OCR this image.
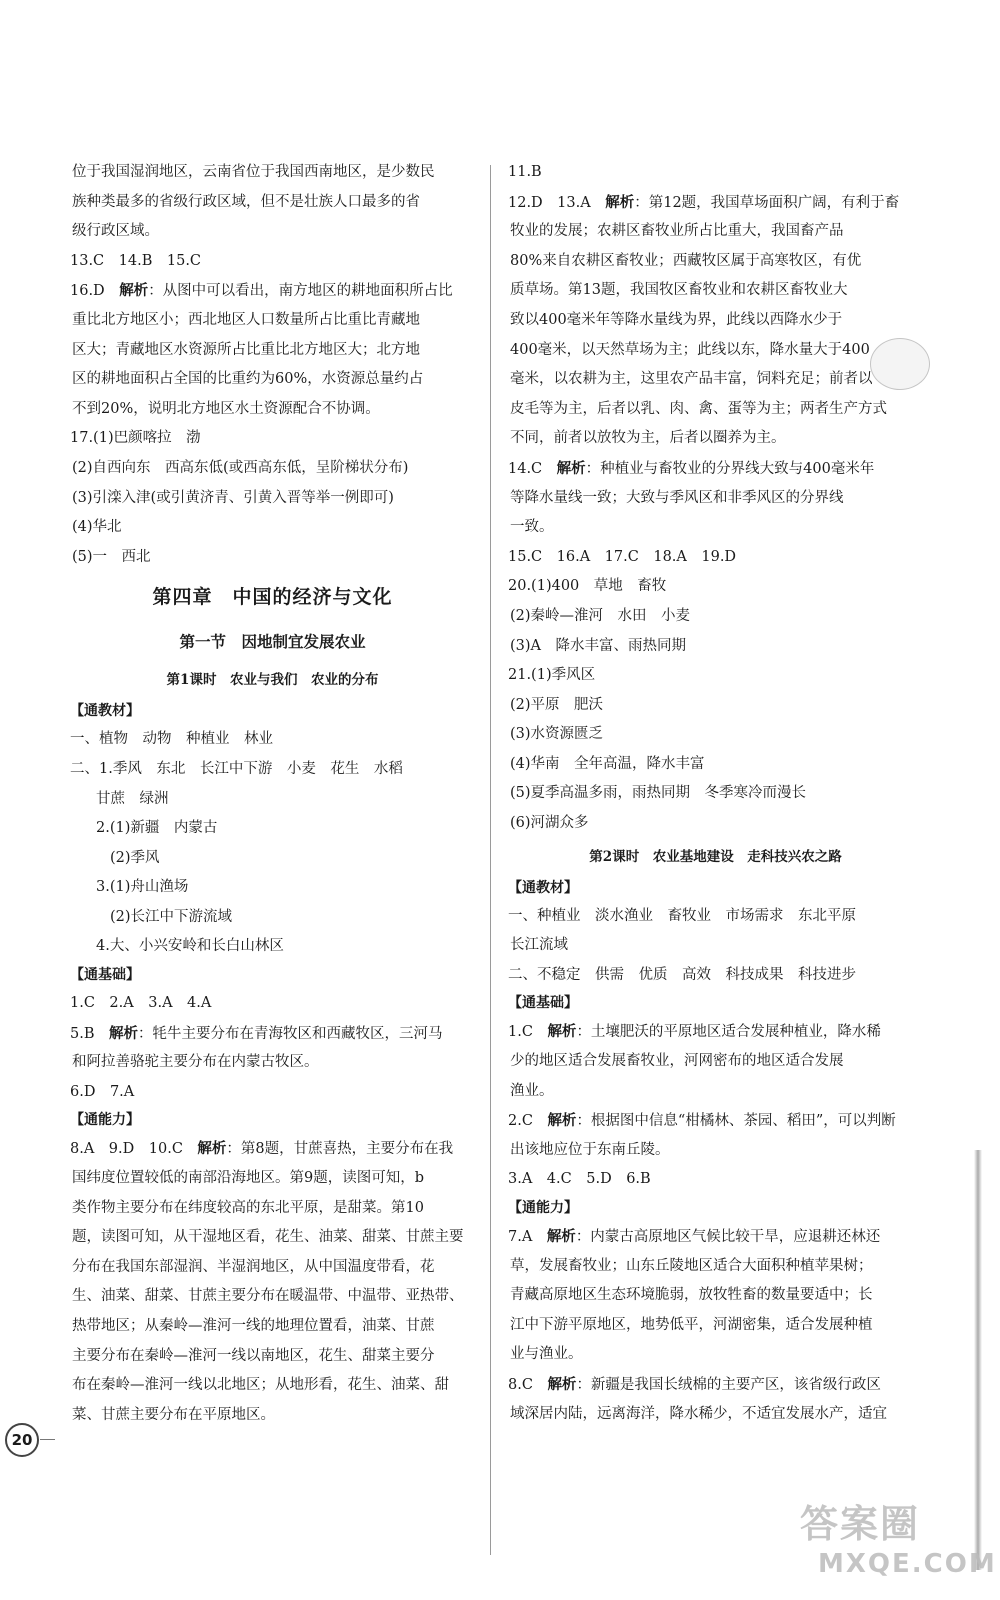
位于我国湿润地区，云南省位于我国西南地区，是少数民
族种类最多的省级行政区域，但不是壮族人口最多的省
级行政区域。
13.C　14.B　15.C
16.D　解析：从图中可以看出，南方地区的耕地面积所占比
重比北方地区小；西北地区人口数量所占比重比青藏地
区大；青藏地区水资源所占比重比北方地区大；北方地
区的耕地面积占全国的比重约为60%，水资源总量约占
不到20%，说明北方地区水土资源配合不协调。
17.(1)巴颜喀拉　渤
(2)自西向东　西高东低(或西高东低，呈阶梯状分布)
(3)引滦入津(或引黄济青、引黄入晋等举一例即可)
(4)华北
(5)一　西北
第四章　中国的经济与文化
第一节　因地制宜发展农业
第1课时　农业与我们　农业的分布
【通教材】
一、植物　动物　种植业　林业
二、1.季风　东北　长江中下游　小麦　花生　水稻
甘蔗　绿洲
2.(1)新疆　内蒙古
(2)季风
3.(1)舟山渔场
(2)长江中下游流域
4.大、小兴安岭和长白山林区
【通基础】
1.C　2.A　3.A　4.A
5.B　解析：牦牛主要分布在青海牧区和西藏牧区，三河马
和阿拉善骆驼主要分布在内蒙古牧区。
6.D　7.A
【通能力】
8.A　9.D　10.C　解析：第8题，甘蔗喜热，主要分布在我
国纬度位置较低的南部沿海地区。第9题，读图可知，b
类作物主要分布在纬度较高的东北平原，是甜菜。第10
题，读图可知，从干湿地区看，花生、油菜、甜菜、甘蔗主要
分布在我国东部湿润、半湿润地区，从中国温度带看，花
生、油菜、甜菜、甘蔗主要分布在暖温带、中温带、亚热带、
热带地区；从秦岭—淮河一线的地理位置看，油菜、甘蔗
主要分布在秦岭—淮河一线以南地区，花生、甜菜主要分
布在秦岭—淮河一线以北地区；从地形看，花生、油菜、甜
菜、甘蔗主要分布在平原地区。
11.B
12.D　13.A　解析：第12题，我国草场面积广阔，有利于畜
牧业的发展；农耕区畜牧业所占比重大，我国畜产品
80%来自农耕区畜牧业；西藏牧区属于高寒牧区，有优
质草场。第13题，我国牧区畜牧业和农耕区畜牧业大
致以400毫米年等降水量线为界，此线以西降水少于
400毫米，以天然草场为主；此线以东，降水量大于400
毫米，以农耕为主，这里农产品丰富，饲料充足；前者以
皮毛等为主，后者以乳、肉、禽、蛋等为主；两者生产方式
不同，前者以放牧为主，后者以圈养为主。
14.C　解析：种植业与畜牧业的分界线大致与400毫米年
等降水量线一致；大致与季风区和非季风区的分界线
一致。
15.C　16.A　17.C　18.A　19.D
20.(1)400　草地　畜牧
(2)秦岭—淮河　水田　小麦
(3)A　降水丰富、雨热同期
21.(1)季风区
(2)平原　肥沃
(3)水资源匮乏
(4)华南　全年高温，降水丰富
(5)夏季高温多雨，雨热同期　冬季寒冷而漫长
(6)河湖众多
第2课时　农业基地建设　走科技兴农之路
【通教材】
一、种植业　淡水渔业　畜牧业　市场需求　东北平原
长江流域
二、不稳定　供需　优质　高效　科技成果　科技进步
【通基础】
1.C　解析：土壤肥沃的平原地区适合发展种植业，降水稀
少的地区适合发展畜牧业，河网密布的地区适合发展
渔业。
2.C　解析：根据图中信息“柑橘林、茶园、稻田”，可以判断
出该地应位于东南丘陵。
3.A　4.C　5.D　6.B
【通能力】
7.A　解析：内蒙古高原地区气候比较干旱，应退耕还林还
草，发展畜牧业；山东丘陵地区适合大面积种植苹果树；
青藏高原地区生态环境脆弱，放牧牲畜的数量要适中；长
江中下游平原地区，地势低平，河湖密集，适合发展种植
业与渔业。
8.C　解析：新疆是我国长绒棉的主要产区，该省级行政区
域深居内陆，远离海洋，降水稀少，不适宜发展水产，适宜
20
答案圈
MXQE.COM
